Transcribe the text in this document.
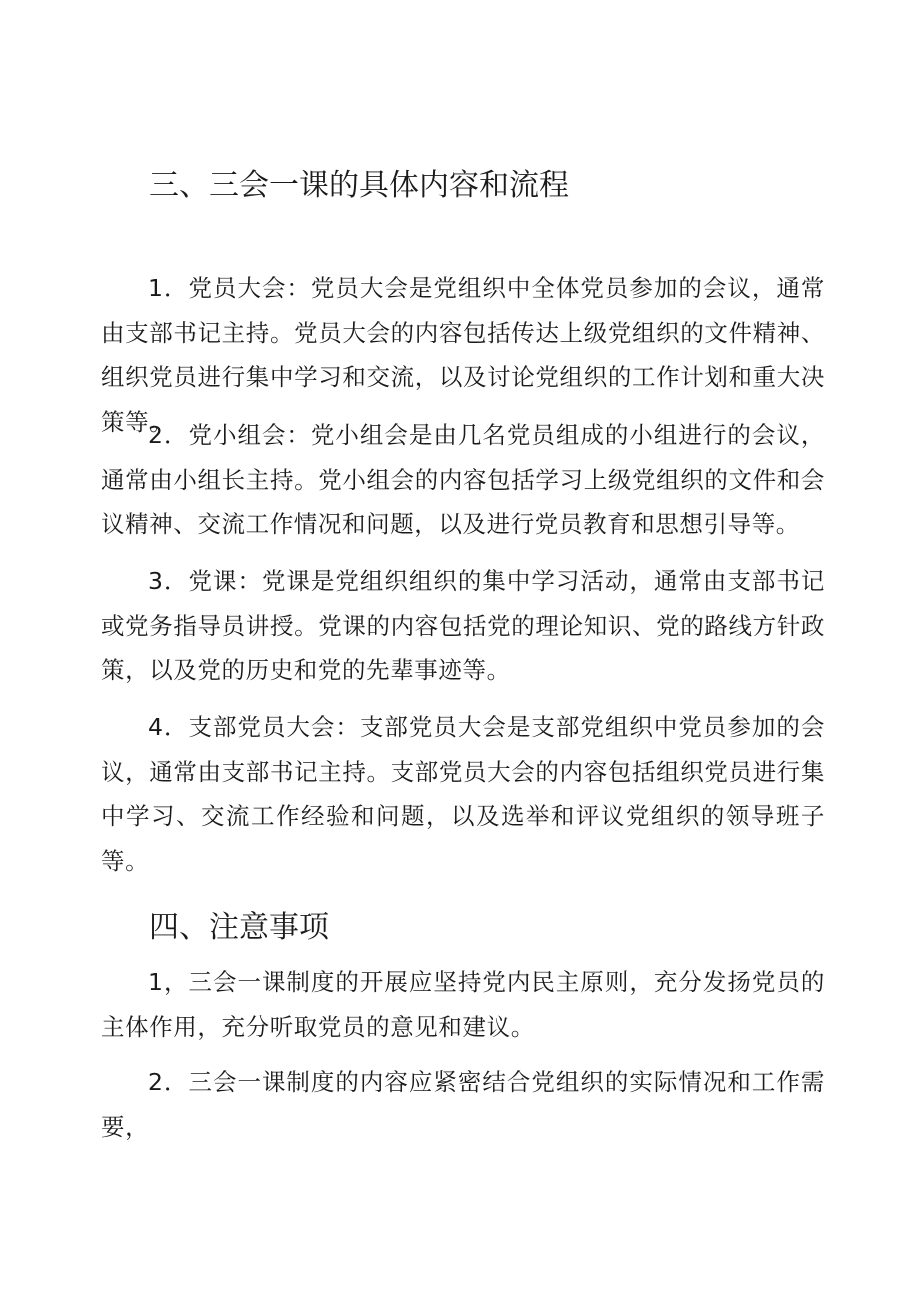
三、三会一课的具体内容和流程

1．党员大会：党员大会是党组织中全体党员参加的会议，通常由支部书记主持。党员大会的内容包括传达上级党组织的文件精神、组织党员进行集中学习和交流，以及讨论党组织的工作计划和重大决策等。

2．党小组会：党小组会是由几名党员组成的小组进行的会议，通常由小组长主持。党小组会的内容包括学习上级党组织的文件和会议精神、交流工作情况和问题，以及进行党员教育和思想引导等。

3．党课：党课是党组织组织的集中学习活动，通常由支部书记或党务指导员讲授。党课的内容包括党的理论知识、党的路线方针政策，以及党的历史和党的先辈事迹等。

4．支部党员大会：支部党员大会是支部党组织中党员参加的会议，通常由支部书记主持。支部党员大会的内容包括组织党员进行集中学习、交流工作经验和问题，以及选举和评议党组织的领导班子等。

四、注意事项

1，三会一课制度的开展应坚持党内民主原则，充分发扬党员的主体作用，充分听取党员的意见和建议。

2．三会一课制度的内容应紧密结合党组织的实际情况和工作需要，
